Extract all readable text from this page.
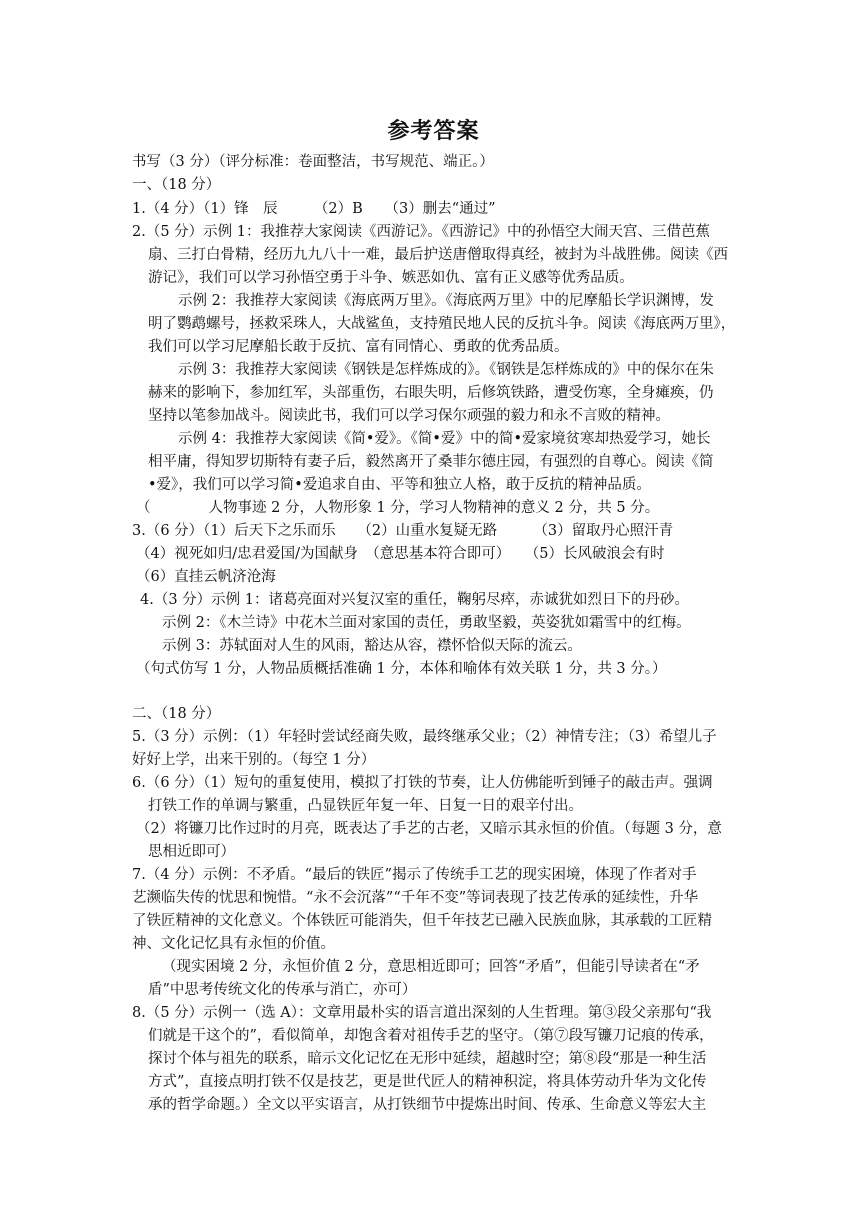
参考答案
书写（3 分）（评分标准：卷面整洁，书写规范、端正。）
一、（18 分）
1.（4 分）（1）锋　辰　　　（2）B　　（3）删去“通过”
2.（5 分）示例 1：我推荐大家阅读《西游记》。《西游记》中的孙悟空大闹天宫、三借芭蕉
扇、三打白骨精，经历九九八十一难，最后护送唐僧取得真经，被封为斗战胜佛。阅读《西
游记》，我们可以学习孙悟空勇于斗争、嫉恶如仇、富有正义感等优秀品质。
示例 2：我推荐大家阅读《海底两万里》。《海底两万里》中的尼摩船长学识渊博，发
明了鹦鹉螺号，拯救采珠人，大战鲨鱼，支持殖民地人民的反抗斗争。阅读《海底两万里》，
我们可以学习尼摩船长敢于反抗、富有同情心、勇敢的优秀品质。
示例 3：我推荐大家阅读《钢铁是怎样炼成的》。《钢铁是怎样炼成的》中的保尔在朱
赫来的影响下，参加红军，头部重伤，右眼失明，后修筑铁路，遭受伤寒，全身瘫痪，仍
坚持以笔参加战斗。阅读此书，我们可以学习保尔顽强的毅力和永不言败的精神。
示例 4：我推荐大家阅读《简•爱》。《简•爱》中的简•爱家境贫寒却热爱学习，她长
相平庸，得知罗切斯特有妻子后，毅然离开了桑菲尔德庄园，有强烈的自尊心。阅读《简
•爱》，我们可以学习简•爱追求自由、平等和独立人格，敢于反抗的精神品质。
（　　　　人物事迹 2 分，人物形象 1 分，学习人物精神的意义 2 分，共 5 分。
3.（6 分）（1）后天下之乐而乐　　（2）山重水复疑无路　　　（3）留取丹心照汗青
（4）视死如归/忠君爱国/为国献身　（意思基本符合即可）　　（5）长风破浪会有时
（6）直挂云帆济沧海
4.（3 分）示例 1：诸葛亮面对兴复汉室的重任，鞠躬尽瘁，赤诚犹如烈日下的丹砂。
示例 2：《木兰诗》中花木兰面对家国的责任，勇敢坚毅，英姿犹如霜雪中的红梅。
示例 3：苏轼面对人生的风雨，豁达从容，襟怀恰似天际的流云。
（句式仿写 1 分，人物品质概括准确 1 分，本体和喻体有效关联 1 分，共 3 分。）
二、（18 分）
5.（3 分）示例：（1）年轻时尝试经商失败，最终继承父业；（2）神情专注；（3）希望儿子
好好上学，出来干别的。（每空 1 分）
6.（6 分）（1）短句的重复使用，模拟了打铁的节奏，让人仿佛能听到锤子的敲击声。强调
打铁工作的单调与繁重，凸显铁匠年复一年、日复一日的艰辛付出。
（2）将镰刀比作过时的月亮，既表达了手艺的古老，又暗示其永恒的价值。（每题 3 分，意
思相近即可）
7.（4 分）示例：不矛盾。“最后的铁匠”揭示了传统手工艺的现实困境，体现了作者对手
艺濒临失传的忧思和惋惜。“永不会沉落”“千年不变”等词表现了技艺传承的延续性，升华
了铁匠精神的文化意义。个体铁匠可能消失，但千年技艺已融入民族血脉，其承载的工匠精
神、文化记忆具有永恒的价值。
（现实困境 2 分，永恒价值 2 分，意思相近即可；回答“矛盾”，但能引导读者在“矛
盾”中思考传统文化的传承与消亡，亦可）
8.（5 分）示例一（选 A）：文章用最朴实的语言道出深刻的人生哲理。第③段父亲那句“我
们就是干这个的”，看似简单，却饱含着对祖传手艺的坚守。（第⑦段写镰刀记痕的传承，
探讨个体与祖先的联系，暗示文化记忆在无形中延续，超越时空；第⑧段“那是一种生活
方式”，直接点明打铁不仅是技艺，更是世代匠人的精神积淀，将具体劳动升华为文化传
承的哲学命题。）全文以平实语言，从打铁细节中提炼出时间、传承、生命意义等宏大主
